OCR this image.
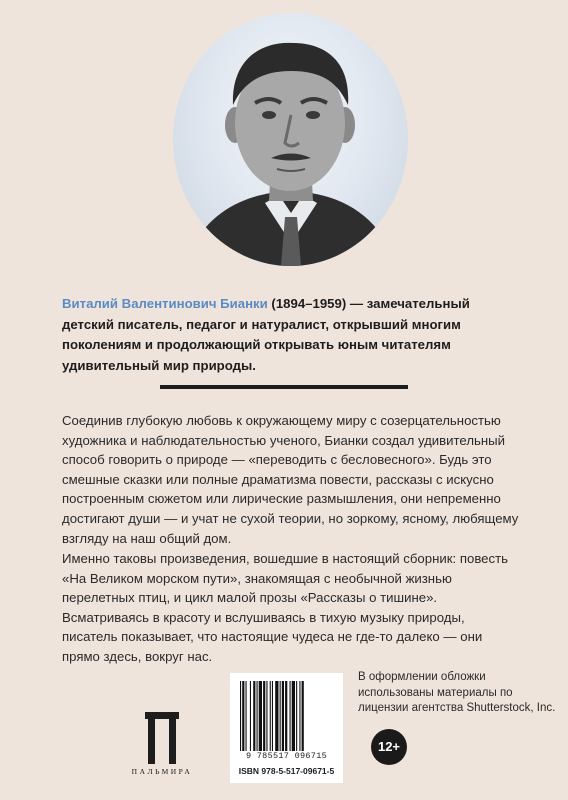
Виталий Валентинович Бианки (1894–1959) — замечательный детский писатель, педагог и натуралист, открывший многим поколениям и продолжающий открывать юным читателям удивительный мир природы.

Соединив глубокую любовь к окружающему миру с созерцательностью художника и наблюдательностью ученого, Бианки создал удивительный способ говорить о природе — «переводить с бесловесного». Будь это смешные сказки или полные драматизма повести, рассказы с искусно построенным сюжетом или лирические размышления, они непременно достигают души — и учат не сухой теории, но зоркому, ясному, любящему взгляду на наш общий дом.

Именно таковы произведения, вошедшие в настоящий сборник: повесть «На Великом морском пути», знакомящая с необычной жизнью перелетных птиц, и цикл малой прозы «Рассказы о тишине». Всматриваясь в красоту и вслушиваясь в тихую музыку природы, писатель показывает, что настоящие чудеса не где-то далеко — они прямо здесь, вокруг нас.

ПАЛЬМИРА
9 785517 096715
ISBN 978-5-517-09671-5
В оформлении обложки использованы материалы по лицензии агентства Shutterstock, Inc.
12+
